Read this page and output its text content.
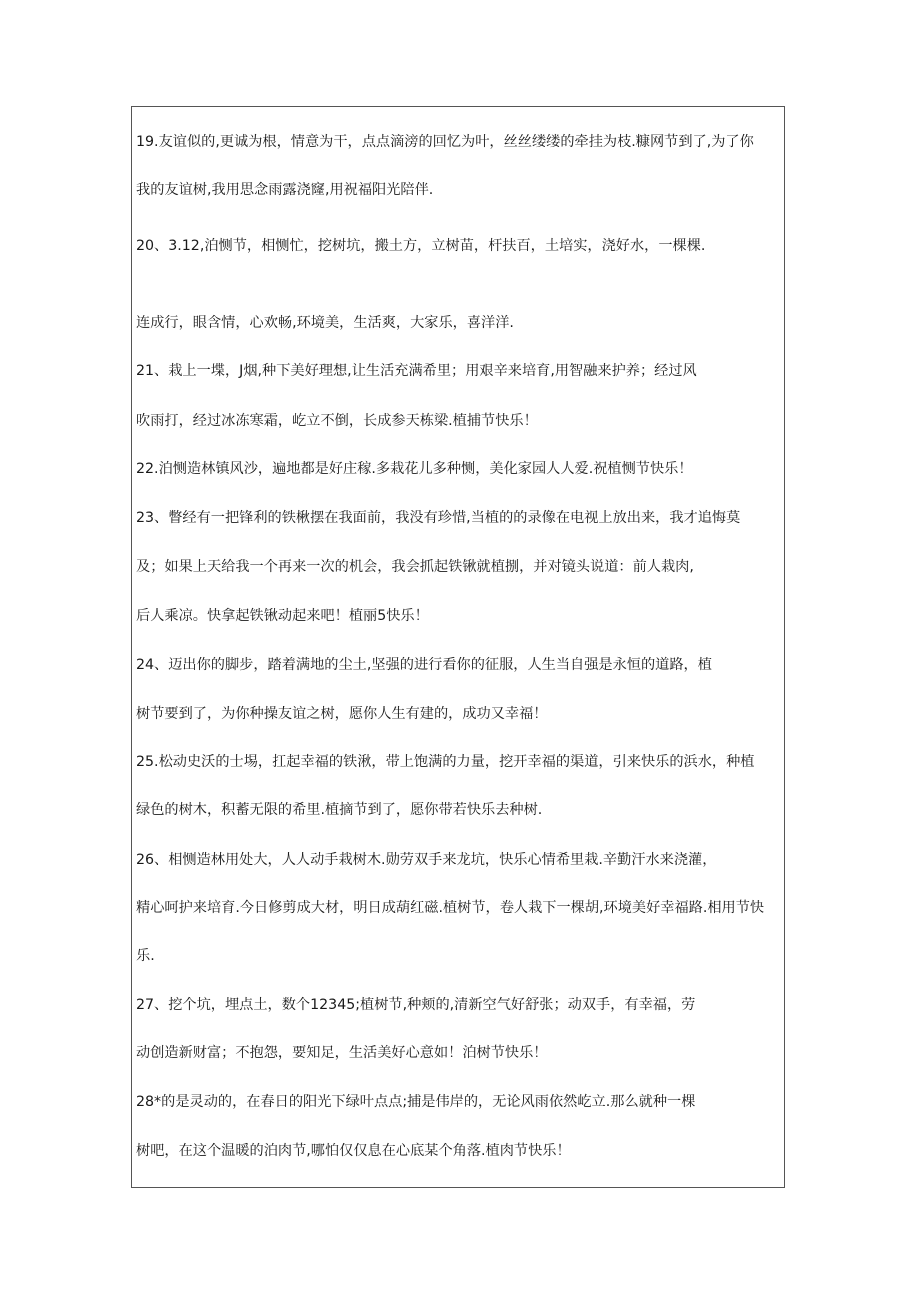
19.友谊似的,更诚为根，情意为干，点点滴滂的回忆为叶，丝丝缕缕的牵挂为枝.糠网节到了,为了你
我的友谊树,我用思念雨露浇窿,用祝福阳光陪伴.
20、3.12,泊恻节，相恻忙，挖树坑，搬土方，立树苗，杆扶百，土培实，浇好水，一棵棵.
连成行，眼含情，心欢畅,环境美，生活爽，大家乐，喜洋洋.
21、栽上一堞，J烟,种下美好理想,让生活充满希里；用艰辛来培育,用智融来护养；经过风
吹雨打，经过冰冻寒霜，屹立不倒，长成参天栋梁.植捕节快乐！
22.泊恻造林镇风沙，遍地都是好庄稼.多栽花儿多种恻，美化家园人人爱.祝植恻节快乐！
23、瞥经有一把锋利的铁楸摆在我面前，我没有珍惜,当植的的录像在电视上放出来，我才追悔莫
及；如果上天给我一个再来一次的机会，我会抓起铁锹就植捌，并对镜头说道：前人栽肉,
后人乘凉。快拿起铁锹动起来吧！植丽5快乐！
24、迈出你的脚步，踏着满地的尘土,坚强的进行看你的征服，人生当自强是永恒的道路，植
树节要到了，为你种操友谊之树，愿你人生有建的，成功又幸福！
25.松动史沃的士埸，扛起幸福的铁湫，带上饱满的力量，挖开幸福的渠道，引来快乐的浜水，种植
绿色的树木，积蓄无限的希里.植摘节到了，愿你带若快乐去种树.
26、相恻造林用处大，人人动手栽树木.勋劳双手来龙坑，快乐心情希里栽.辛勤汗水来浇灌，
精心呵护来培育.今日修剪成大材，明日成葫红磁.植树节，卷人栽下一棵胡,环境美好幸福路.相用节快
乐.
27、挖个坑，埋点土，数个12345;植树节,种颊的,清新空气好舒张；动双手，有幸福，劳
动创造新财富；不抱怨，要知足，生活美好心意如！泊树节快乐！
28*的是灵动的，在春日的阳光下绿叶点点;捕是伟岸的，无论风雨依然屹立.那么就种一棵
树吧，在这个温暖的泊肉节,哪怕仅仅息在心底某个角落.植肉节快乐！
